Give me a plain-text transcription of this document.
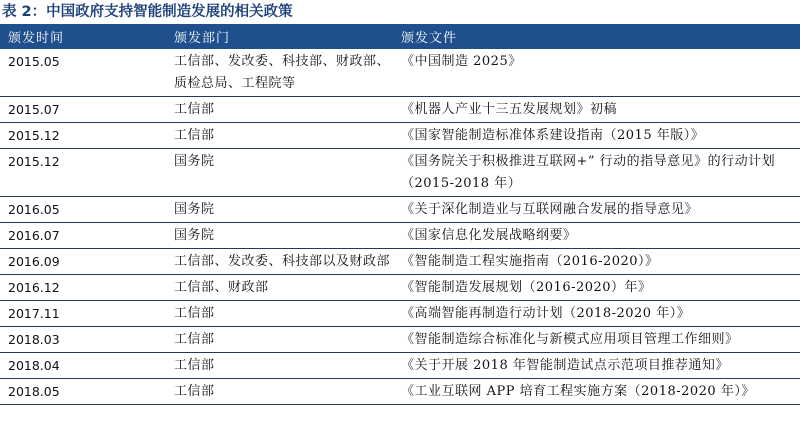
表 2：中国政府支持智能制造发展的相关政策
颁发时间	颁发部门	颁发文件
2015.05	工信部、发改委、科技部、财政部、质检总局、工程院等	《中国制造 2025》
2015.07	工信部	《机器人产业十三五发展规划》初稿
2015.12	工信部	《国家智能制造标准体系建设指南（2015 年版）》
2015.12	国务院	《国务院关于积极推进互联网+” 行动的指导意见》的行动计划（2015-2018 年）
2016.05	国务院	《关于深化制造业与互联网融合发展的指导意见》
2016.07	国务院	《国家信息化发展战略纲要》
2016.09	工信部、发改委、科技部以及财政部	《智能制造工程实施指南（2016-2020）》
2016.12	工信部、财政部	《智能制造发展规划（2016-2020）年》
2017.11	工信部	《高端智能再制造行动计划（2018-2020 年）》
2018.03	工信部	《智能制造综合标准化与新模式应用项目管理工作细则》
2018.04	工信部	《关于开展 2018 年智能制造试点示范项目推荐通知》
2018.05	工信部	《工业互联网 APP 培育工程实施方案（2018-2020 年）》
